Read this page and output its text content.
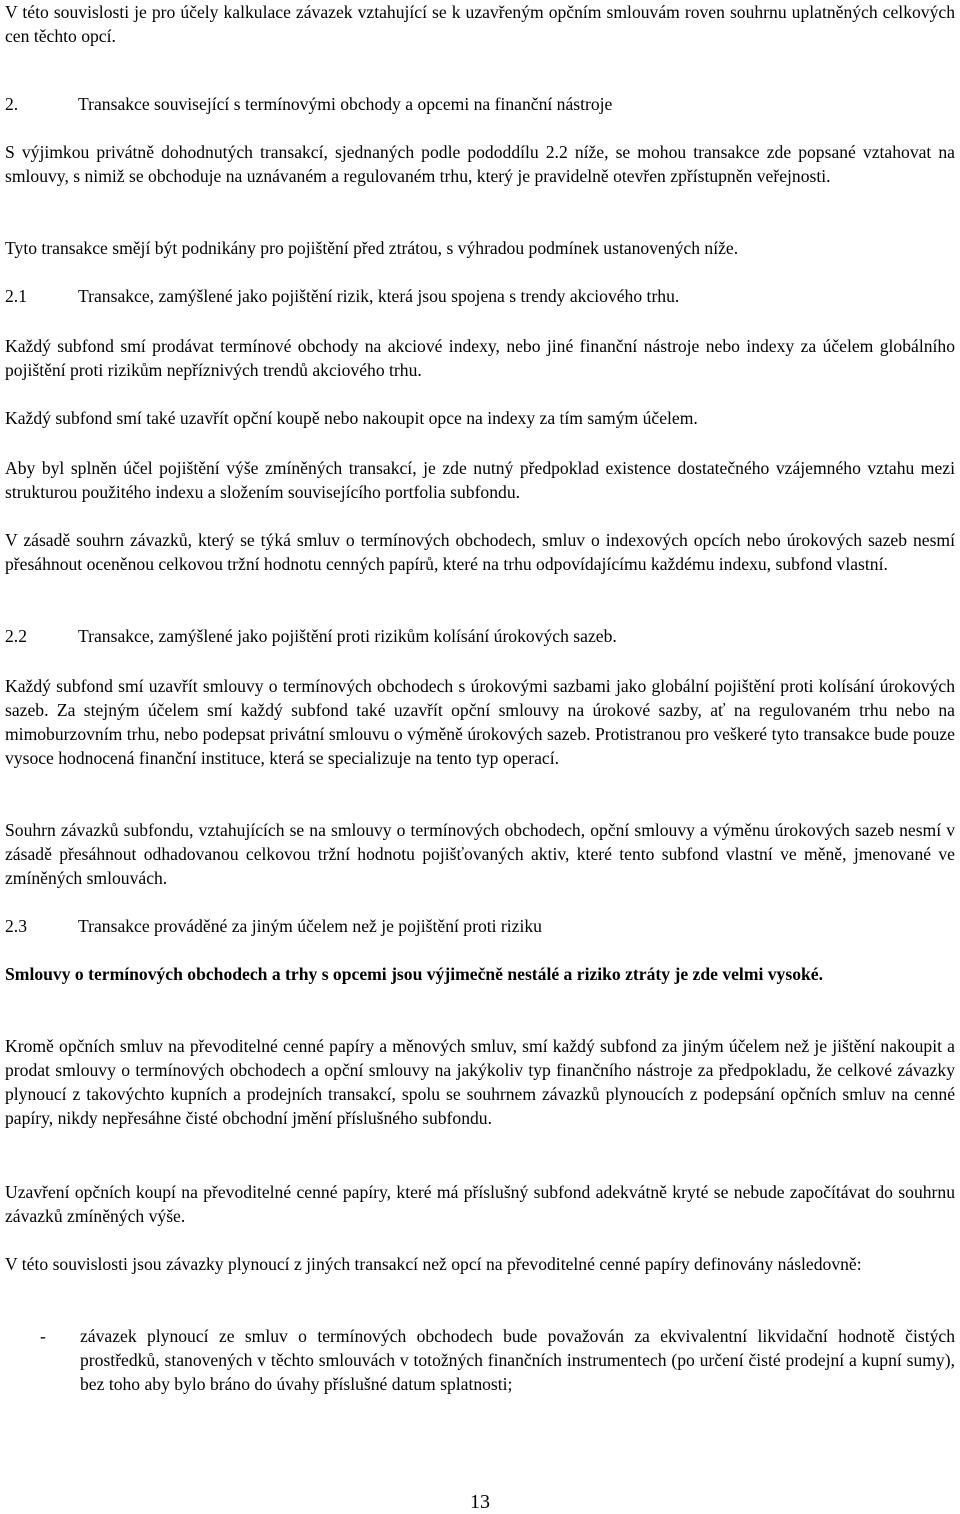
V této souvislosti je pro účely kalkulace závazek vztahující se k uzavřeným opčním smlouvám roven souhrnu uplatněných celkových cen těchto opcí.

2.	Transakce související s termínovými obchody a opcemi na finanční nástroje

S výjimkou privátně dohodnutých transakcí, sjednaných podle pododdílu 2.2 níže, se mohou transakce zde popsané vztahovat na smlouvy, s nimiž se obchoduje na uznávaném a regulovaném trhu, který je pravidelně otevřen zpřístupněn veřejnosti.

Tyto transakce smějí být podnikány pro pojištění před ztrátou, s výhradou podmínek ustanovených níže.

2.1	Transakce, zamýšlené jako pojištění rizik, která jsou spojena s trendy akciového trhu.

Každý subfond smí prodávat termínové obchody na akciové indexy, nebo jiné finanční nástroje nebo indexy za účelem globálního pojištění proti rizikům nepříznivých trendů akciového trhu.

Každý subfond smí také uzavřít opční koupě nebo nakoupit opce na indexy za tím samým účelem.

Aby byl splněn účel pojištění výše zmíněných transakcí, je zde nutný předpoklad existence dostatečného vzájemného vztahu mezi strukturou použitého indexu a složením souvisejícího portfolia subfondu.

V zásadě souhrn závazků, který se týká smluv o termínových obchodech, smluv o indexových opcích nebo úrokových sazeb nesmí přesáhnout oceněnou celkovou tržní hodnotu cenných papírů, které na trhu odpovídajícímu každému indexu, subfond vlastní.

2.2	Transakce, zamýšlené jako pojištění proti rizikům kolísání úrokových sazeb.

Každý subfond smí uzavřít smlouvy o termínových obchodech s úrokovými sazbami jako globální pojištění proti kolísání úrokových sazeb. Za stejným účelem smí každý subfond také uzavřít opční smlouvy na úrokové sazby, ať na regulovaném trhu nebo na mimoburzovním trhu, nebo podepsat privátní smlouvu o výměně úrokových sazeb. Protistranou pro veškeré tyto transakce bude pouze vysoce hodnocená finanční instituce, která se specializuje na tento typ operací.

Souhrn závazků subfondu, vztahujících se na smlouvy o termínových obchodech, opční smlouvy a výměnu úrokových sazeb nesmí v zásadě přesáhnout odhadovanou celkovou tržní hodnotu pojišťovaných aktiv, které tento subfond vlastní ve měně, jmenované ve zmíněných smlouvách.

2.3	Transakce prováděné za jiným účelem než je pojištění proti riziku

Smlouvy o termínových obchodech a trhy s opcemi jsou výjimečně nestálé a riziko ztráty je zde velmi vysoké.

Kromě opčních smluv na převoditelné cenné papíry a měnových smluv, smí každý subfond za jiným účelem než je jištění nakoupit a prodat smlouvy o termínových obchodech a opční smlouvy na jakýkoliv typ finančního nástroje za předpokladu, že celkové závazky plynoucí z takovýchto kupních a prodejních transakcí, spolu se souhrnem závazků plynoucích z podepsání opčních smluv na cenné papíry, nikdy nepřesáhne čisté obchodní jmění příslušného subfondu.

Uzavření opčních koupí na převoditelné cenné papíry, které má příslušný subfond adekvátně kryté se nebude započítávat do souhrnu závazků zmíněných výše.

V této souvislosti jsou závazky plynoucí z jiných transakcí než opcí na převoditelné cenné papíry definovány následovně:

- závazek plynoucí ze smluv o termínových obchodech bude považován za ekvivalentní likvidační hodnotě čistých prostředků, stanovených v těchto smlouvách v totožných finančních instrumentech (po určení čisté prodejní a kupní sumy), bez toho aby bylo bráno do úvahy příslušné datum splatnosti;

13
